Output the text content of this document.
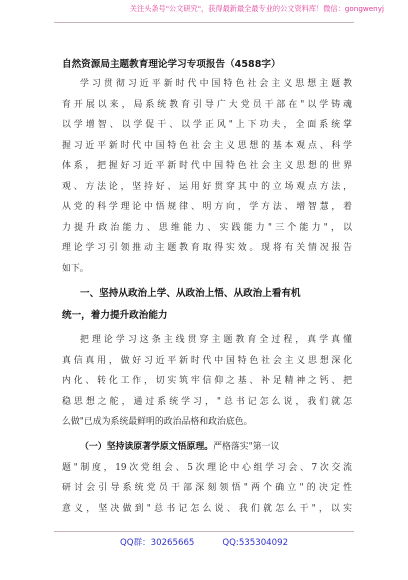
关注头条号"公文研究"，获得最新最全最专业的公文资料库！微信：gongwenyj
自然资源局主题教育理论学习专项报告（4588字）
学习贯彻习近平新时代中国特色社会主义思想主题教
育开展以来，局系统教育引导广大党员干部在"以学铸魂
以学增智、以学促干、以学正风"上下功夫，全面系统掌
握习近平新时代中国特色社会主义思想的基本观点、科学
体系，把握好习近平新时代中国特色社会主义思想的世界
观、方法论，坚持好、运用好贯穿其中的立场观点方法，
从党的科学理论中悟规律、明方向，学方法、增智慧，着
力提升政治能力、思维能力、实践能力"三个能力"，以
理论学习引领推动主题教育取得实效。现将有关情况报告
如下。
一、坚持从政治上学、从政治上悟、从政治上看有机
统一，着力提升政治能力
把理论学习这条主线贯穿主题教育全过程，真学真懂
真信真用，做好习近平新时代中国特色社会主义思想深化
内化、转化工作，切实筑牢信仰之基、补足精神之钙、把
稳思想之舵，通过系统学习，"总书记怎么说，我们就怎
么做"已成为系统最鲜明的政治品格和政治底色。
（一）坚持读原著学原文悟原理。严格落实"第一议
题"制度，19次党组会、5次理论中心组学习会、7次交流
研讨会引导系统党员干部深刻领悟"两个确立"的决定性
意义，坚决做到"总书记怎么说、我们就怎么干"，以实
QQ群：30265665	QQ:535304092
